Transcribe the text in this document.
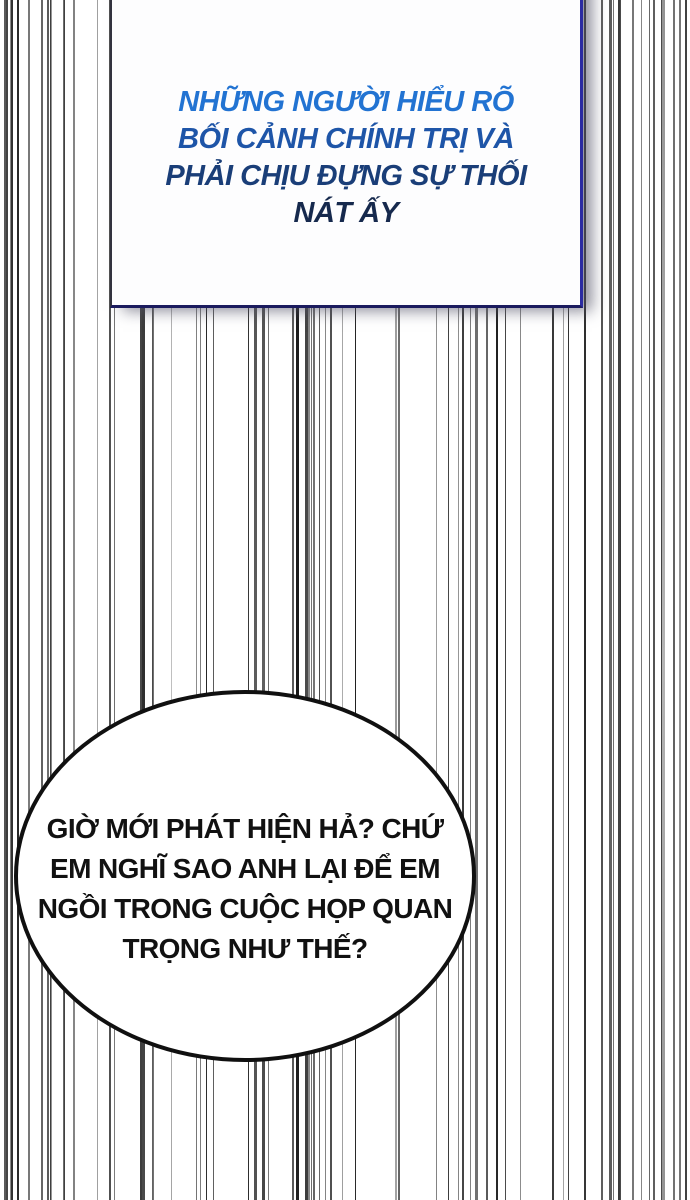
NHỮNG NGƯỜI HIỂU RÕ

BỐI CẢNH CHÍNH TRỊ VÀ

PHẢI CHỊU ĐỰNG SỰ THỐI

NÁT ẤY

GIỜ MỚI PHÁT HIỆN HẢ? CHỨ

EM NGHĨ SAO ANH LẠI ĐỂ EM

NGỒI TRONG CUỘC HỌP QUAN

TRỌNG NHƯ THẾ?
